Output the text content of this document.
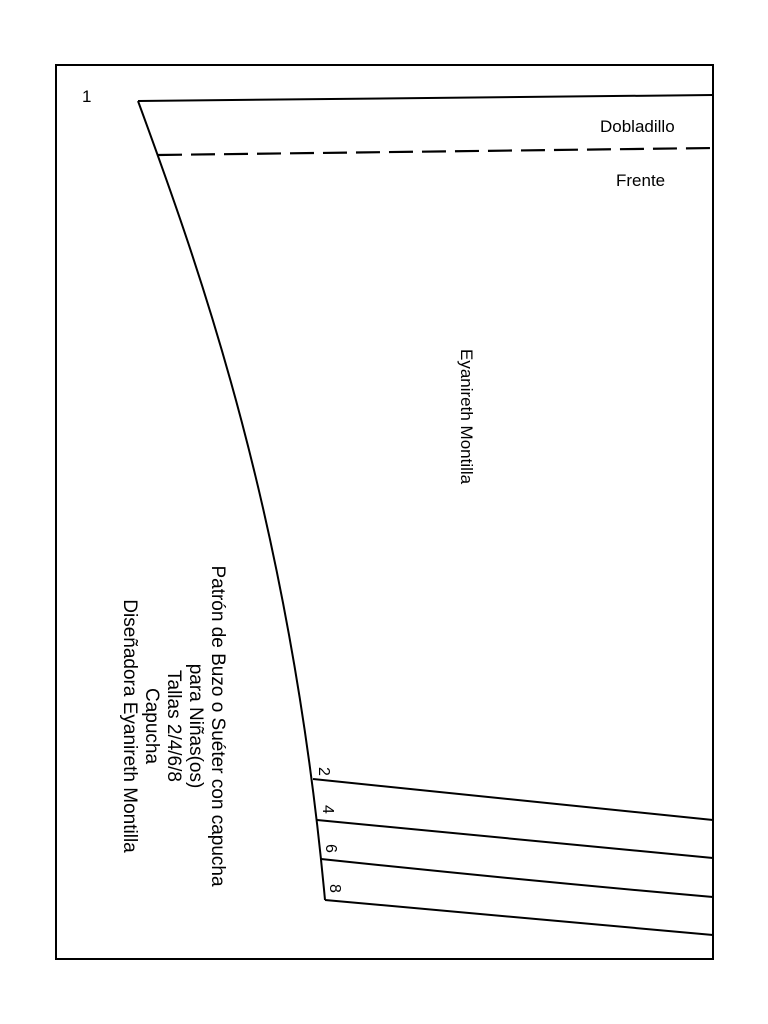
1
2
4
6
8
Dobladillo
Frente
Eyanireth Montilla
Patrón de Buzo o Suéter con capucha
para Niñas(os)
Tallas 2/4/6/8
Capucha
Diseñadora Eyanireth Montilla
